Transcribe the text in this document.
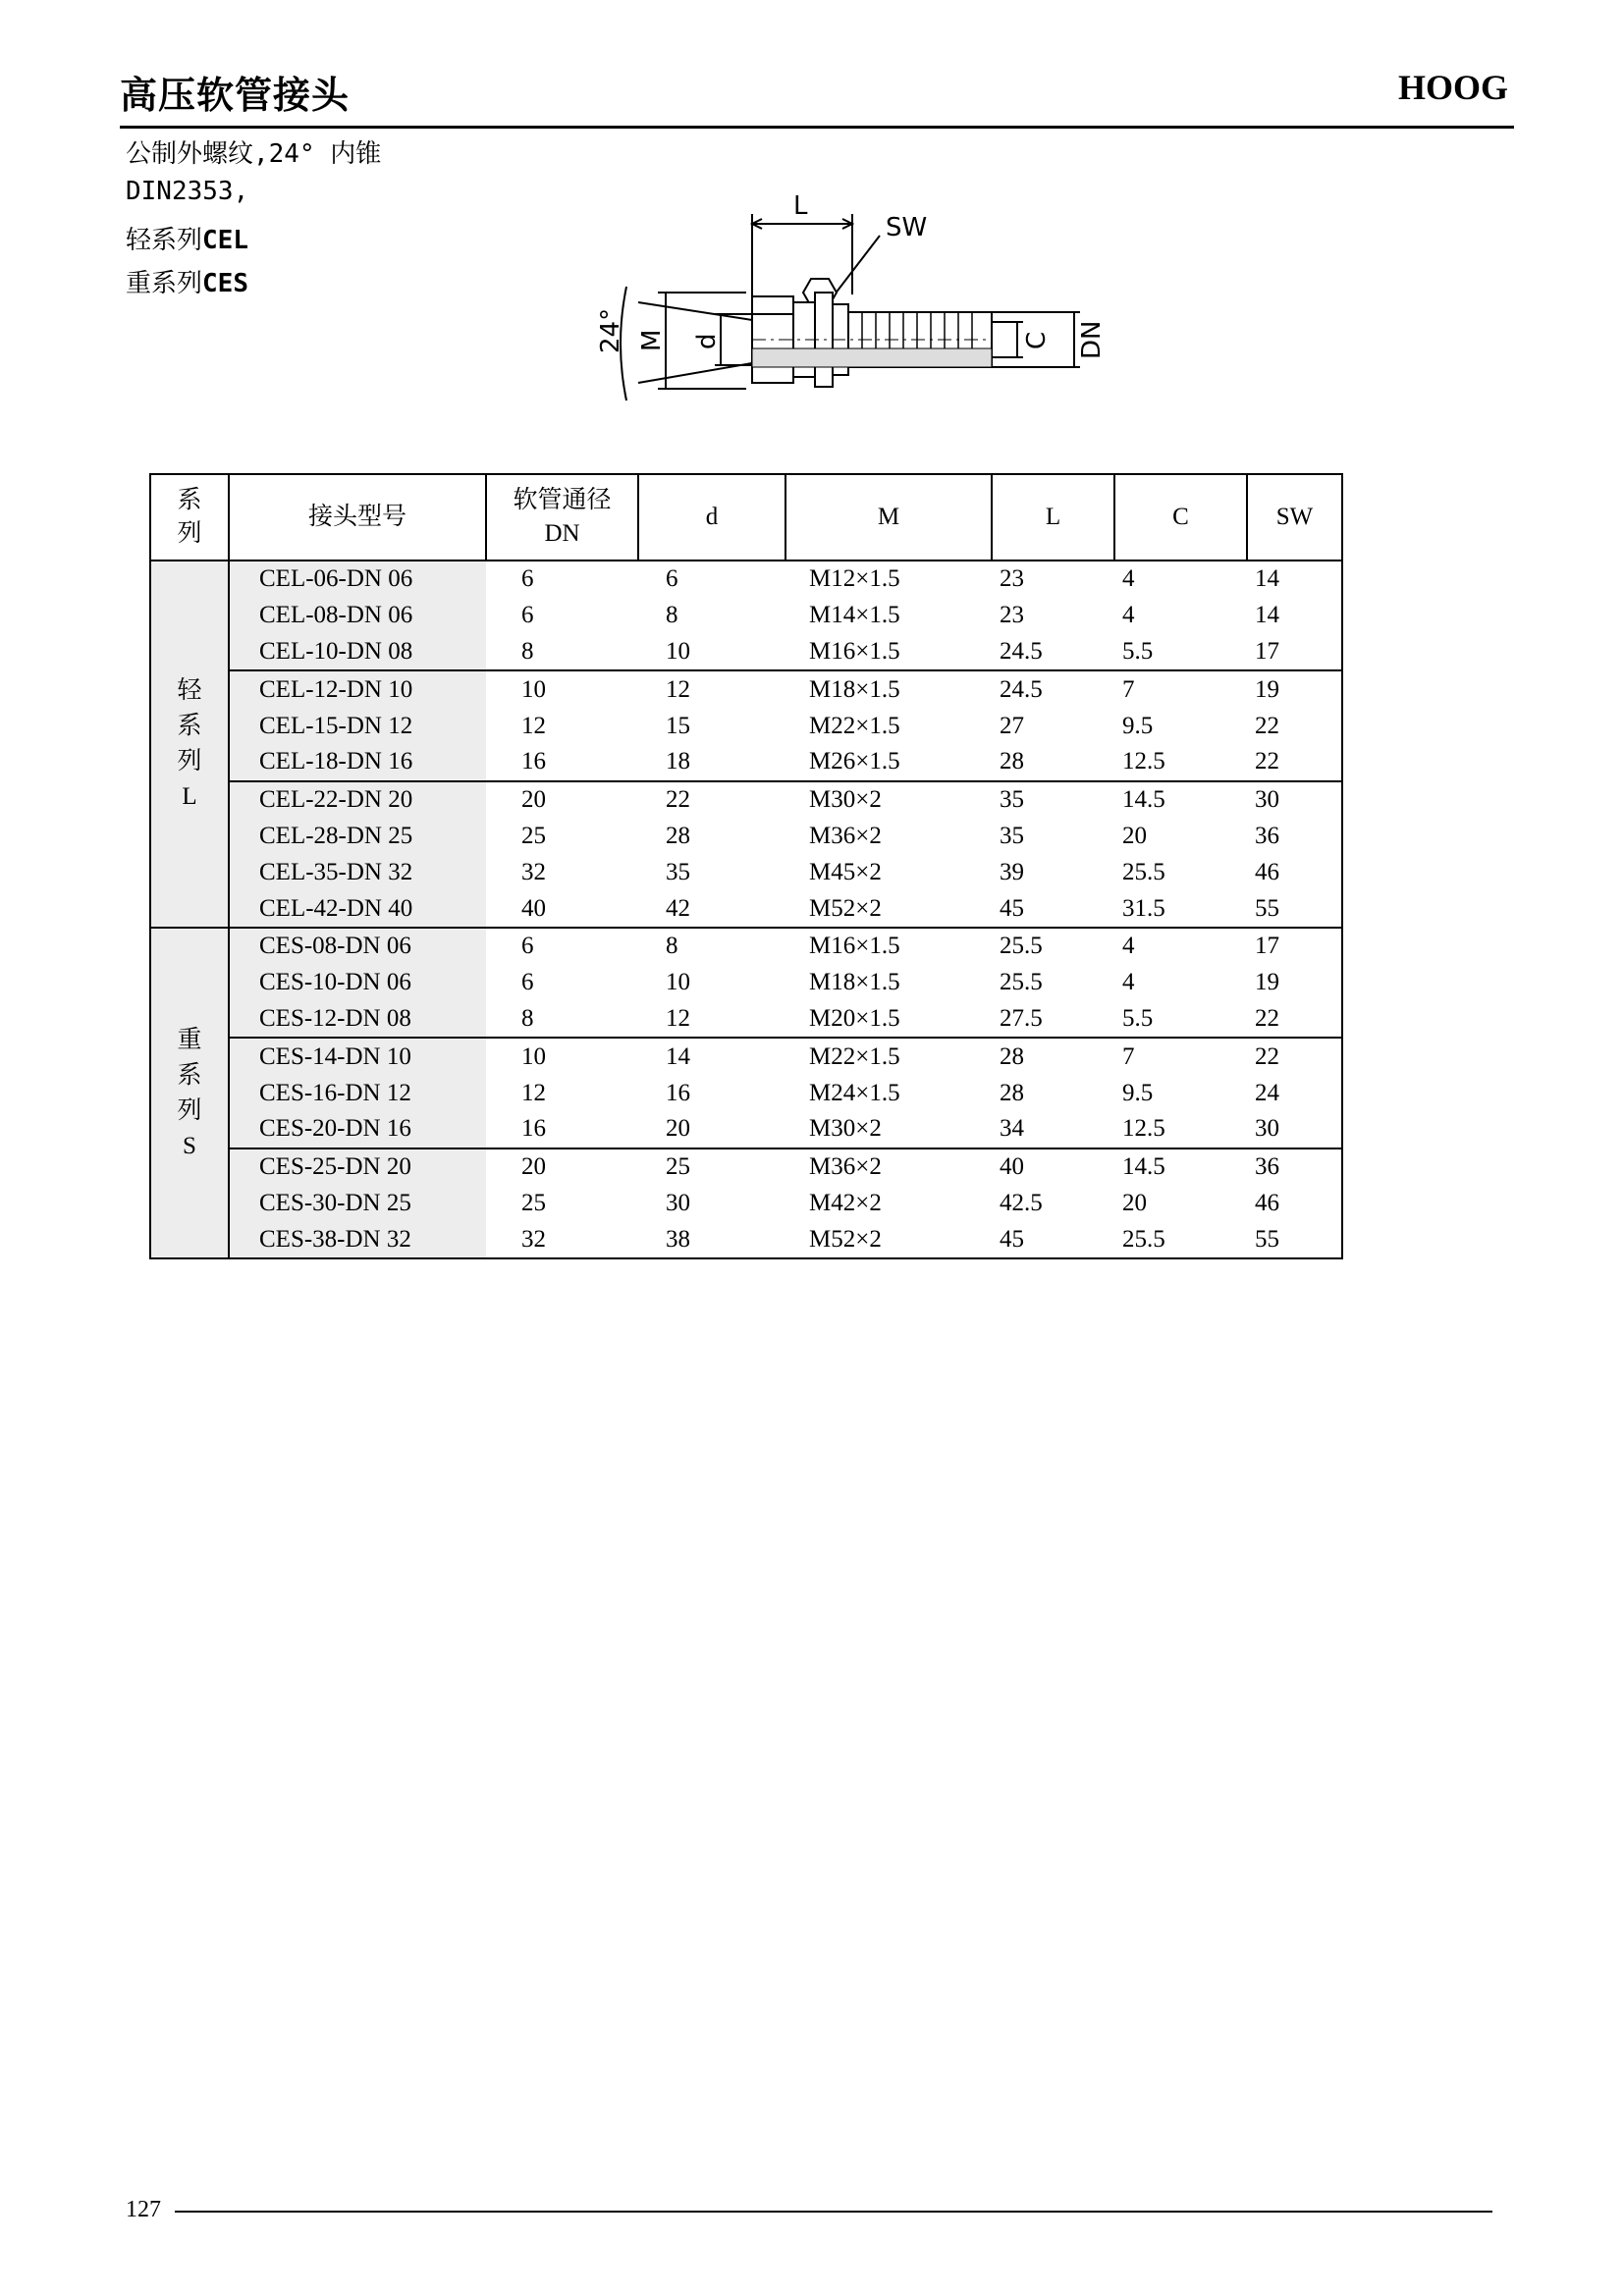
高压软管接头	HOOG
公制外螺纹,24° 内锥
DIN2353,
轻系列CEL
重系列CES
L
SW
24° M d	C DN
系列	接头型号	软管通径
DN	d	M	L	C	SW
轻系列L	CEL-06-DN 06	6	6	M12×1.5	23	4	14
	CEL-08-DN 06	6	8	M14×1.5	23	4	14
	CEL-10-DN 08	8	10	M16×1.5	24.5	5.5	17
	CEL-12-DN 10	10	12	M18×1.5	24.5	7	19
	CEL-15-DN 12	12	15	M22×1.5	27	9.5	22
	CEL-18-DN 16	16	18	M26×1.5	28	12.5	22
	CEL-22-DN 20	20	22	M30×2	35	14.5	30
	CEL-28-DN 25	25	28	M36×2	35	20	36
	CEL-35-DN 32	32	35	M45×2	39	25.5	46
	CEL-42-DN 40	40	42	M52×2	45	31.5	55
重系列S	CES-08-DN 06	6	8	M16×1.5	25.5	4	17
	CES-10-DN 06	6	10	M18×1.5	25.5	4	19
	CES-12-DN 08	8	12	M20×1.5	27.5	5.5	22
	CES-14-DN 10	10	14	M22×1.5	28	7	22
	CES-16-DN 12	12	16	M24×1.5	28	9.5	24
	CES-20-DN 16	16	20	M30×2	34	12.5	30
	CES-25-DN 20	20	25	M36×2	40	14.5	36
	CES-30-DN 25	25	30	M42×2	42.5	20	46
	CES-38-DN 32	32	38	M52×2	45	25.5	55
127
